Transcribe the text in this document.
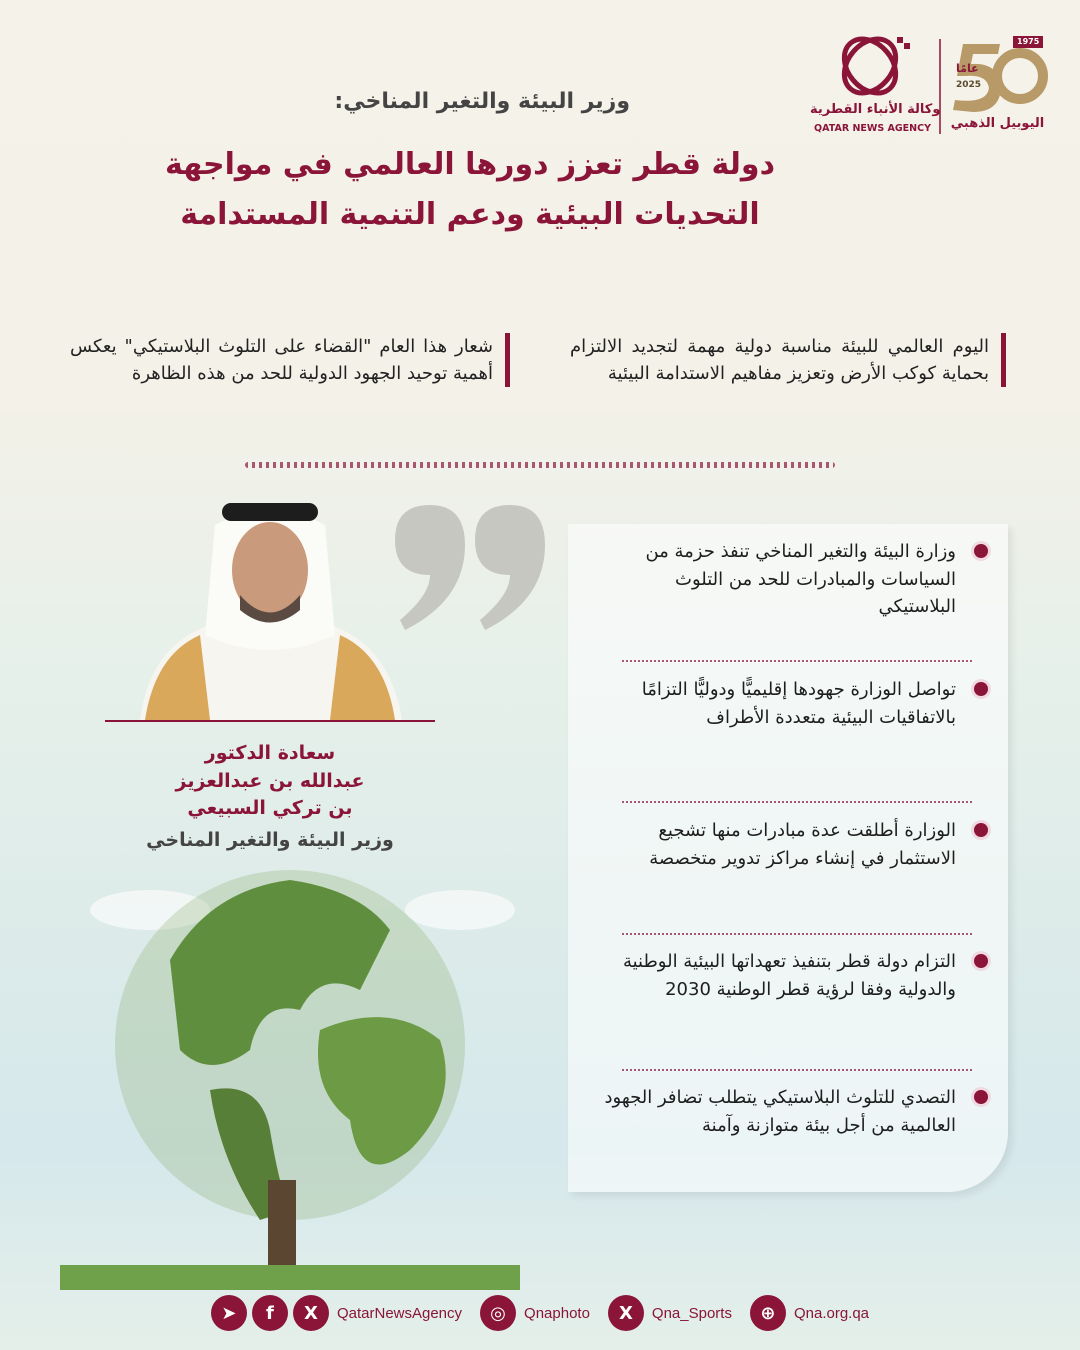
1975
عامًا
2025
وكالة الأنباء القطرية
QATAR NEWS AGENCY	اليوبيل الذهبي
وزير البيئة والتغير المناخي:
دولة قطر تعزز دورها العالمي في مواجهة
التحديات البيئية ودعم التنمية المستدامة
اليوم العالمي للبيئة مناسبة دولية مهمة لتجديد الالتزام بحماية كوكب الأرض وتعزيز مفاهيم الاستدامة البيئية
شعار هذا العام "القضاء على التلوث البلاستيكي" يعكس أهمية توحيد الجهود الدولية للحد من هذه الظاهرة
سعادة الدكتور
عبدالله بن عبدالعزيز
بن تركي السبيعي
وزير البيئة والتغير المناخي
وزارة البيئة والتغير المناخي تنفذ حزمة من السياسات والمبادرات للحد من التلوث البلاستيكي
تواصل الوزارة جهودها إقليميًّا ودوليًّا التزامًا بالاتفاقيات البيئية متعددة الأطراف
الوزارة أطلقت عدة مبادرات منها تشجيع الاستثمار في إنشاء مراكز تدوير متخصصة
التزام دولة قطر بتنفيذ تعهداتها البيئية الوطنية والدولية وفقا لرؤية قطر الوطنية 2030
التصدي للتلوث البلاستيكي يتطلب تضافر الجهود العالمية من أجل بيئة متوازنة وآمنة
➤	f	X	QatarNewsAgency	◎	Qnaphoto	X	Qna_Sports	⊕	Qna.org.qa
